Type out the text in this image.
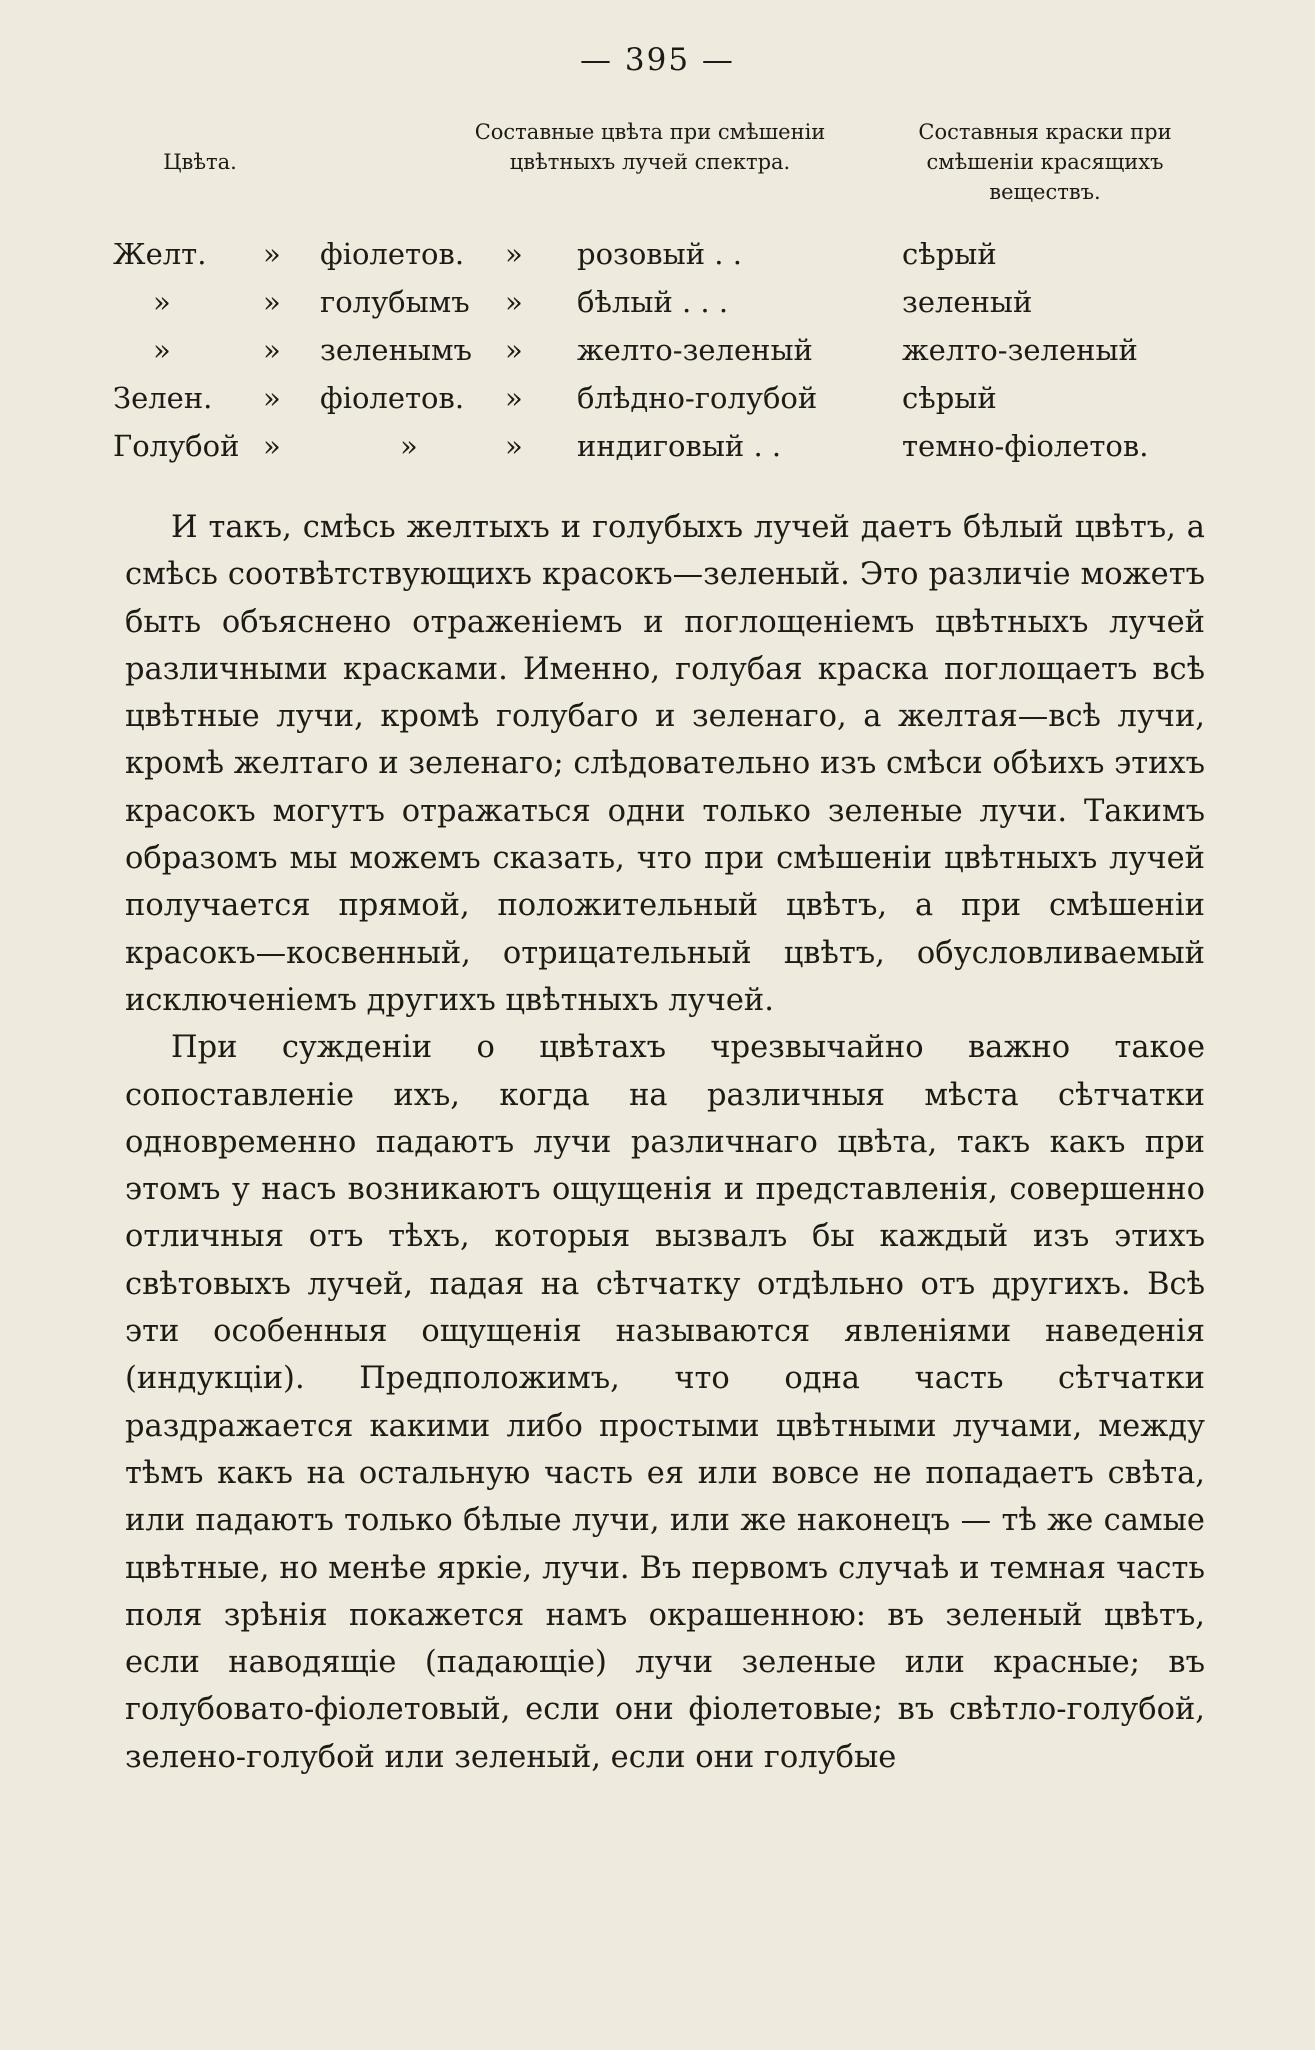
— 395 —
Цвѣта.
Составные цвѣта при смѣшеніи цвѣтныхъ лучей спектра.
Составныя краски при смѣшеніи красящихъ веществъ.
Желт. » фіолетов. » розовый . .	сѣрый
»	» голубымъ » бѣлый . . .	зеленый
»	» зеленымъ » желто-зеленый	желто-зеленый
Зелен. » фіолетов. » блѣдно-голубой	сѣрый
Голубой »	»	» индиговый . .	темно-фіолетов.

И такъ, смѣсь желтыхъ и голубыхъ лучей даетъ бѣлый цвѣтъ, а смѣсь соотвѣтствующихъ красокъ—зеленый. Это различіе можетъ быть объяснено отраженіемъ и поглощеніемъ цвѣтныхъ лучей различными красками. Именно, голубая краска поглощаетъ всѣ цвѣтные лучи, кромѣ голубаго и зеленаго, а желтая—всѣ лучи, кромѣ желтаго и зеленаго; слѣдовательно изъ смѣси обѣихъ этихъ красокъ могутъ отражаться одни только зеленые лучи. Такимъ образомъ мы можемъ сказать, что при смѣшеніи цвѣтныхъ лучей получается прямой, положительный цвѣтъ, а при смѣшеніи красокъ—косвенный, отрицательный цвѣтъ, обусловливаемый исключеніемъ другихъ цвѣтныхъ лучей.

При сужденіи о цвѣтахъ чрезвычайно важно такое сопоставленіе ихъ, когда на различныя мѣста сѣтчатки одновременно падаютъ лучи различнаго цвѣта, такъ какъ при этомъ у насъ возникаютъ ощущенія и представленія, совершенно отличныя отъ тѣхъ, которыя вызвалъ бы каждый изъ этихъ свѣтовыхъ лучей, падая на сѣтчатку отдѣльно отъ другихъ. Всѣ эти особенныя ощущенія называются явленіями наведенія (индукціи). Предположимъ, что одна часть сѣтчатки раздражается какими либо простыми цвѣтными лучами, между тѣмъ какъ на остальную часть ея или вовсе не попадаетъ свѣта, или падаютъ только бѣлые лучи, или же наконецъ — тѣ же самые цвѣтные, но менѣе яркіе, лучи. Въ первомъ случаѣ и темная часть поля зрѣнія покажется намъ окрашенною: въ зеленый цвѣтъ, если наводящіе (падающіе) лучи зеленые или красные; въ голубовато-фіолетовый, если они фіолетовые; въ свѣтло-голубой, зелено-голубой или зеленый, если они голубые
